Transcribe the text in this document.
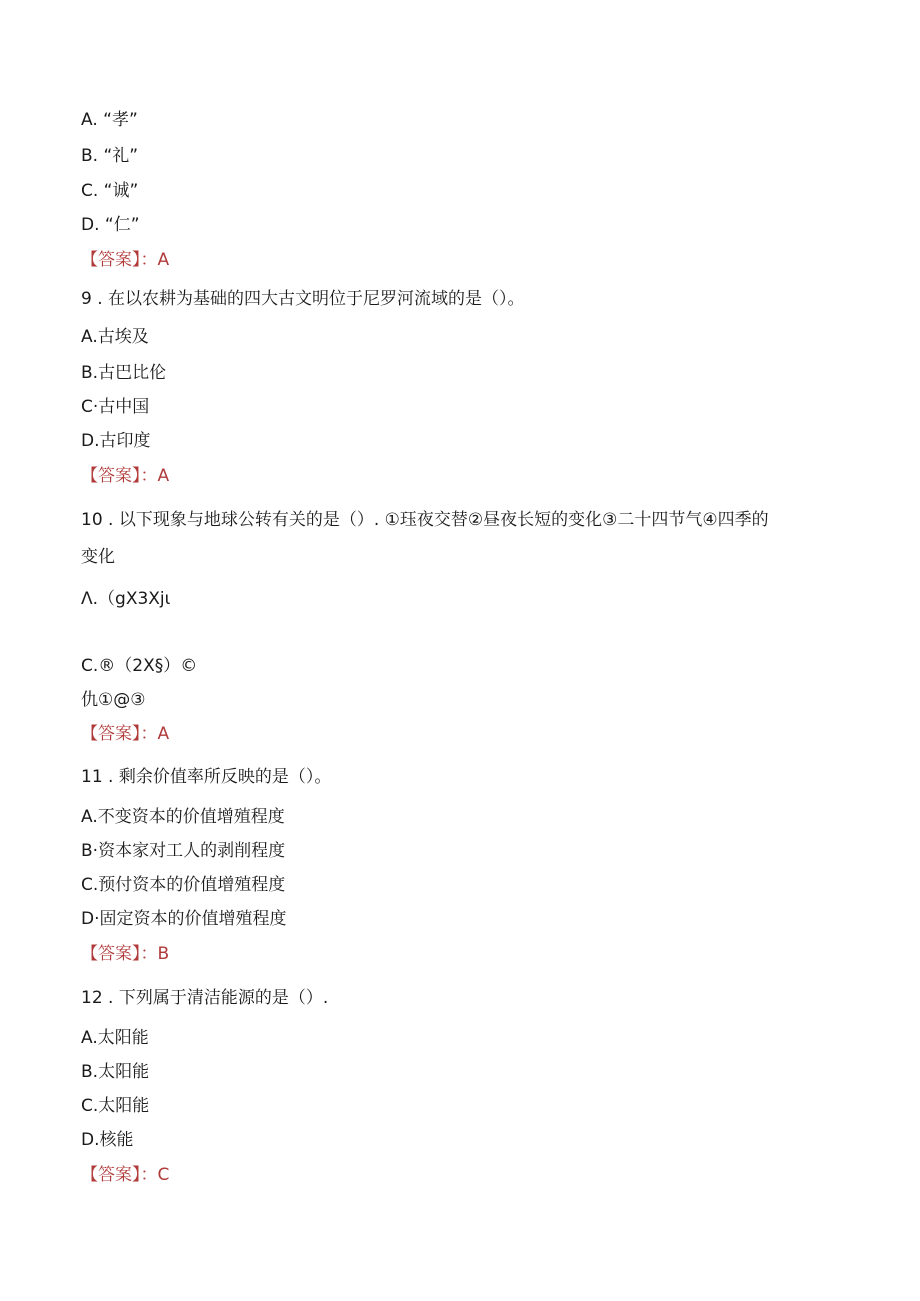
A. “孝”
B. “礼”
C. “诚”
D. “仁”
【答案】：A
9 . 在以农耕为基础的四大古文明位于尼罗河流域的是（）。
A.古埃及
B.古巴比伦
C·古中国
D.古印度
【答案】：A
10 . 以下现象与地球公转有关的是（）. ①珏夜交替②昼夜长短的变化③二十四节气④四季的
变化
Λ.（gX3Xjι
C.®（2X§）©
仇①@③
【答案】：A
11 . 剩余价值率所反映的是（）。
A.不变资本的价值增殖程度
B·资本家对工人的剥削程度
C.预付资本的价值增殖程度
D·固定资本的价值增殖程度
【答案】：B
12 . 下列属于清洁能源的是（）.
A.太阳能
B.太阳能
C.太阳能
D.核能
【答案】：C
